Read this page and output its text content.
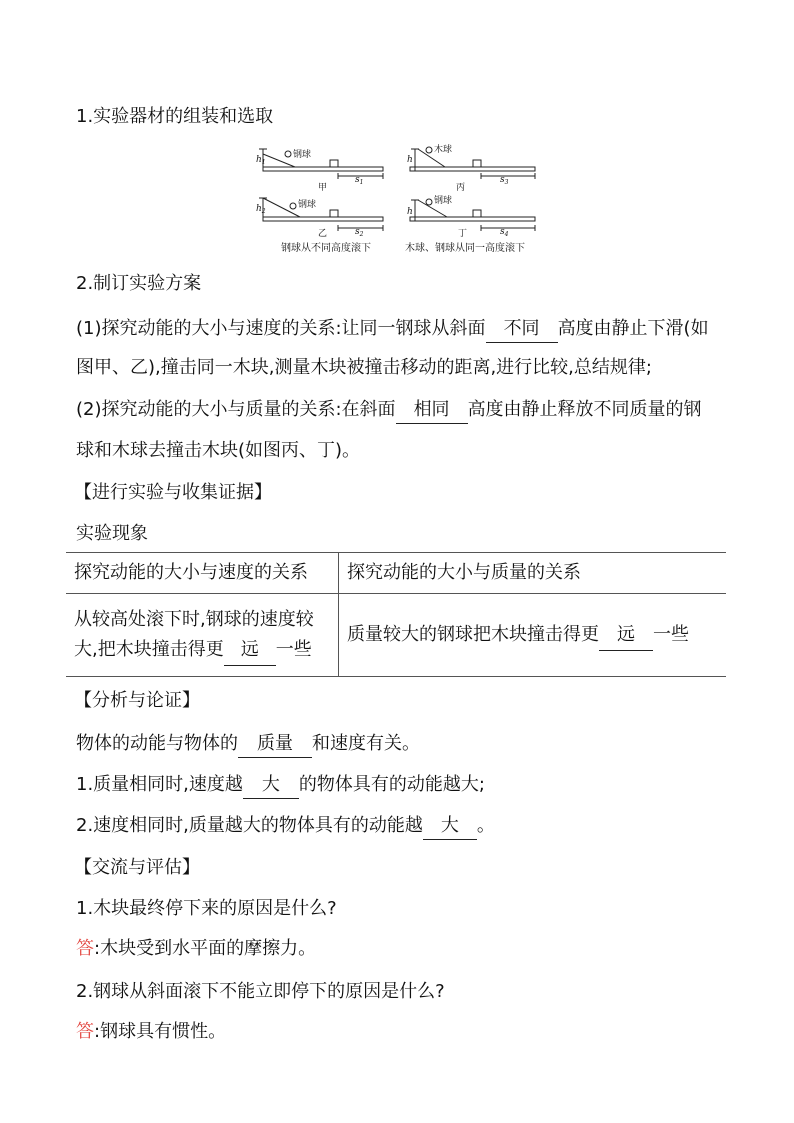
1.实验器材的组装和选取
$h_1$
钢球
$s_1$
甲
h
木球
$s_3$
丙
$h_2$
钢球
$s_2$
乙
h
钢球
$s_4$
丁
钢球从不同高度滚下	木球、钢球从同一高度滚下
2.制订实验方案
(1)探究动能的大小与速度的关系:让同一钢球从斜面 不同 高度由静止下滑(如
图甲、乙),撞击同一木块,测量木块被撞击移动的距离,进行比较,总结规律;
(2)探究动能的大小与质量的关系:在斜面 相同 高度由静止释放不同质量的钢
球和木球去撞击木块(如图丙、丁)。
【进行实验与收集证据】
实验现象
探究动能的大小与速度的关系	探究动能的大小与质量的关系

从较高处滚下时,钢球的速度较
大,把木块撞击得更 远 一些	质量较大的钢球把木块撞击得更 远 一些
【分析与论证】
物体的动能与物体的 质量 和速度有关。
1.质量相同时,速度越 大 的物体具有的动能越大;
2.速度相同时,质量越大的物体具有的动能越 大 。
【交流与评估】
1.木块最终停下来的原因是什么?
答:木块受到水平面的摩擦力。
2.钢球从斜面滚下不能立即停下的原因是什么?
答:钢球具有惯性。
